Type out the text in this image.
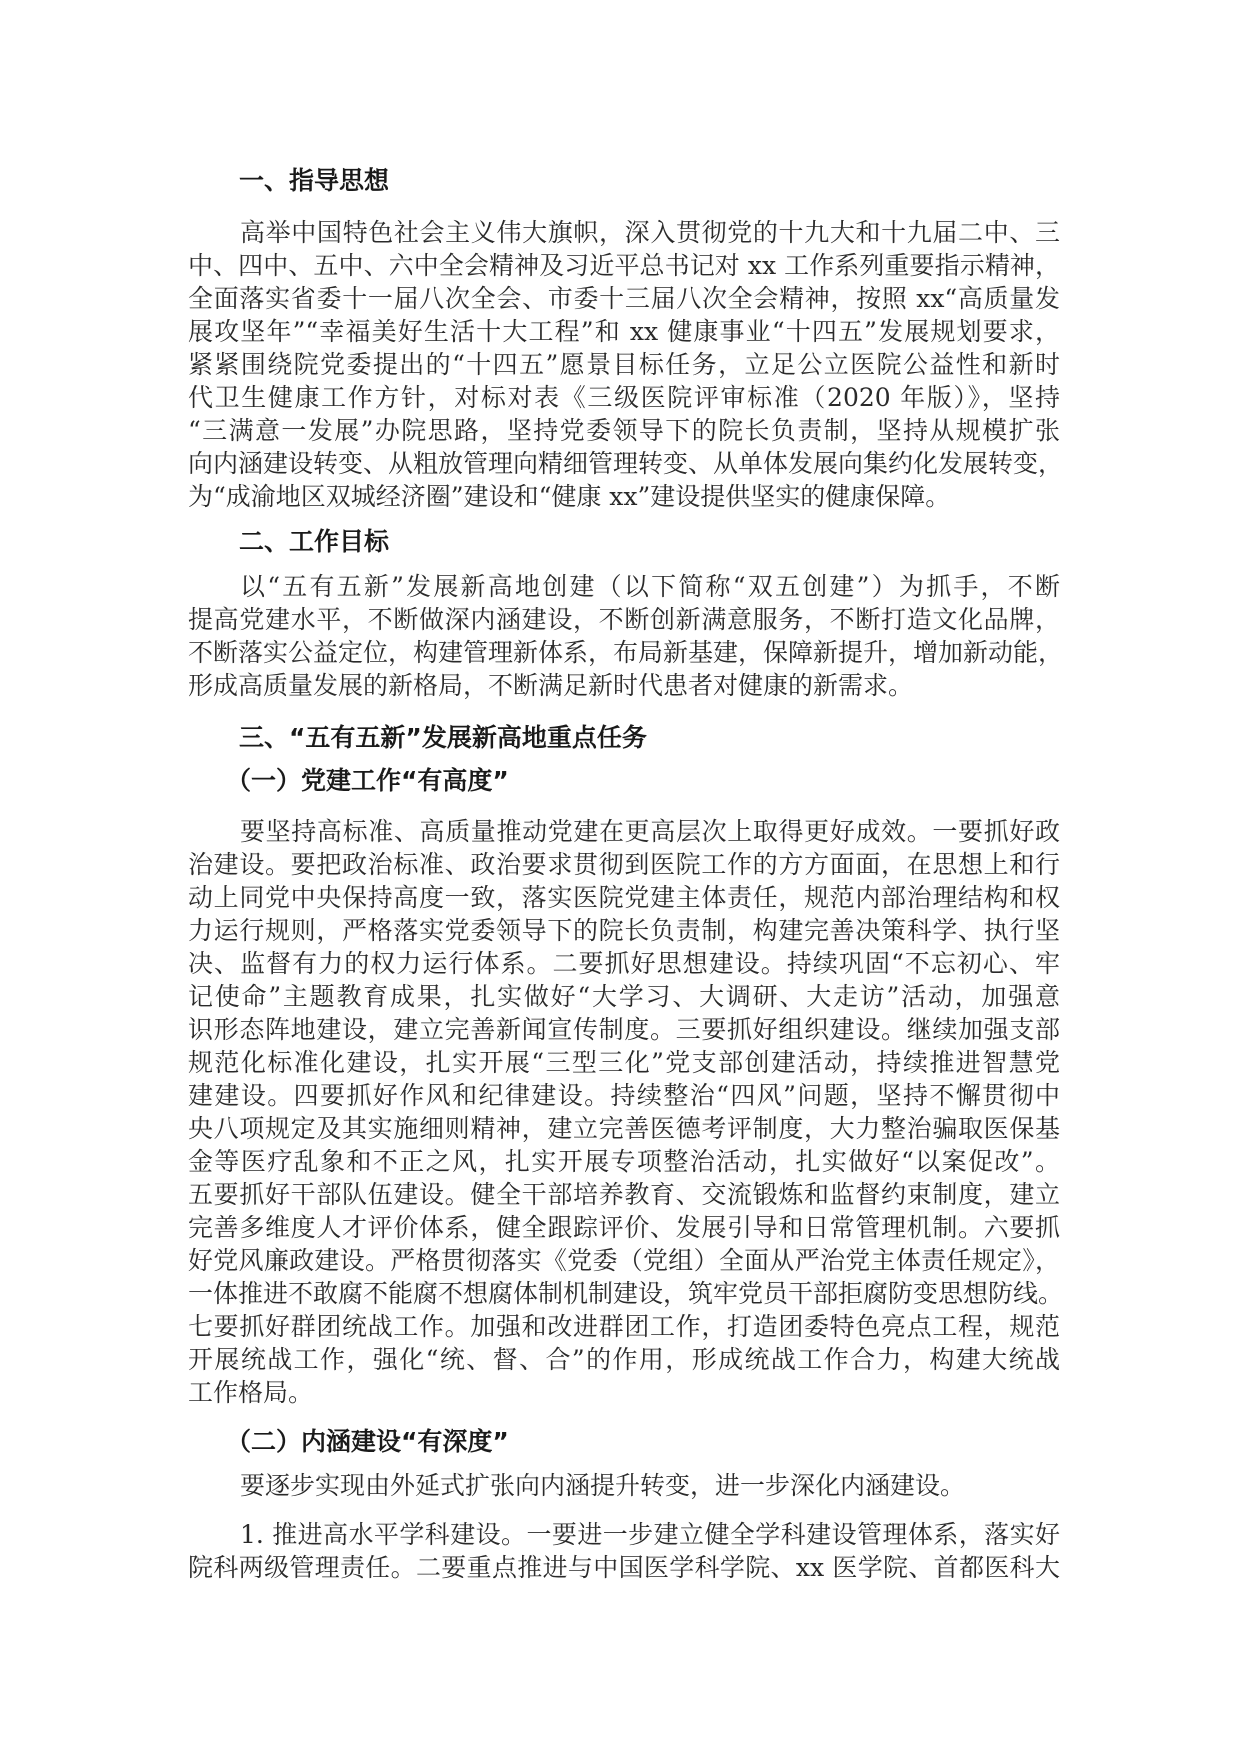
一、指导思想
高举中国特色社会主义伟大旗帜，深入贯彻党的十九大和十九届二中、三
中、四中、五中、六中全会精神及习近平总书记对 xx 工作系列重要指示精神，
全面落实省委十一届八次全会、市委十三届八次全会精神，按照 xx“高质量发
展攻坚年”“幸福美好生活十大工程”和 xx 健康事业“十四五”发展规划要求，
紧紧围绕院党委提出的“十四五”愿景目标任务，立足公立医院公益性和新时
代卫生健康工作方针，对标对表《三级医院评审标准（2020 年版）》，坚持
“三满意一发展”办院思路，坚持党委领导下的院长负责制，坚持从规模扩张
向内涵建设转变、从粗放管理向精细管理转变、从单体发展向集约化发展转变，
为“成渝地区双城经济圈”建设和“健康 xx”建设提供坚实的健康保障。
二、工作目标
以“五有五新”发展新高地创建（以下简称“双五创建”）为抓手，不断
提高党建水平，不断做深内涵建设，不断创新满意服务，不断打造文化品牌，
不断落实公益定位，构建管理新体系，布局新基建，保障新提升，增加新动能，
形成高质量发展的新格局，不断满足新时代患者对健康的新需求。
三、“五有五新”发展新高地重点任务
（一）党建工作“有高度”
要坚持高标准、高质量推动党建在更高层次上取得更好成效。一要抓好政
治建设。要把政治标准、政治要求贯彻到医院工作的方方面面，在思想上和行
动上同党中央保持高度一致，落实医院党建主体责任，规范内部治理结构和权
力运行规则，严格落实党委领导下的院长负责制，构建完善决策科学、执行坚
决、监督有力的权力运行体系。二要抓好思想建设。持续巩固“不忘初心、牢
记使命”主题教育成果，扎实做好“大学习、大调研、大走访”活动，加强意
识形态阵地建设，建立完善新闻宣传制度。三要抓好组织建设。继续加强支部
规范化标准化建设，扎实开展“三型三化”党支部创建活动，持续推进智慧党
建建设。四要抓好作风和纪律建设。持续整治“四风”问题，坚持不懈贯彻中
央八项规定及其实施细则精神，建立完善医德考评制度，大力整治骗取医保基
金等医疗乱象和不正之风，扎实开展专项整治活动，扎实做好“以案促改”。
五要抓好干部队伍建设。健全干部培养教育、交流锻炼和监督约束制度，建立
完善多维度人才评价体系，健全跟踪评价、发展引导和日常管理机制。六要抓
好党风廉政建设。严格贯彻落实《党委（党组）全面从严治党主体责任规定》，
一体推进不敢腐不能腐不想腐体制机制建设，筑牢党员干部拒腐防变思想防线。
七要抓好群团统战工作。加强和改进群团工作，打造团委特色亮点工程，规范
开展统战工作，强化“统、督、合”的作用，形成统战工作合力，构建大统战
工作格局。
（二）内涵建设“有深度”
要逐步实现由外延式扩张向内涵提升转变，进一步深化内涵建设。
1. 推进高水平学科建设。一要进一步建立健全学科建设管理体系，落实好
院科两级管理责任。二要重点推进与中国医学科学院、xx 医学院、首都医科大
